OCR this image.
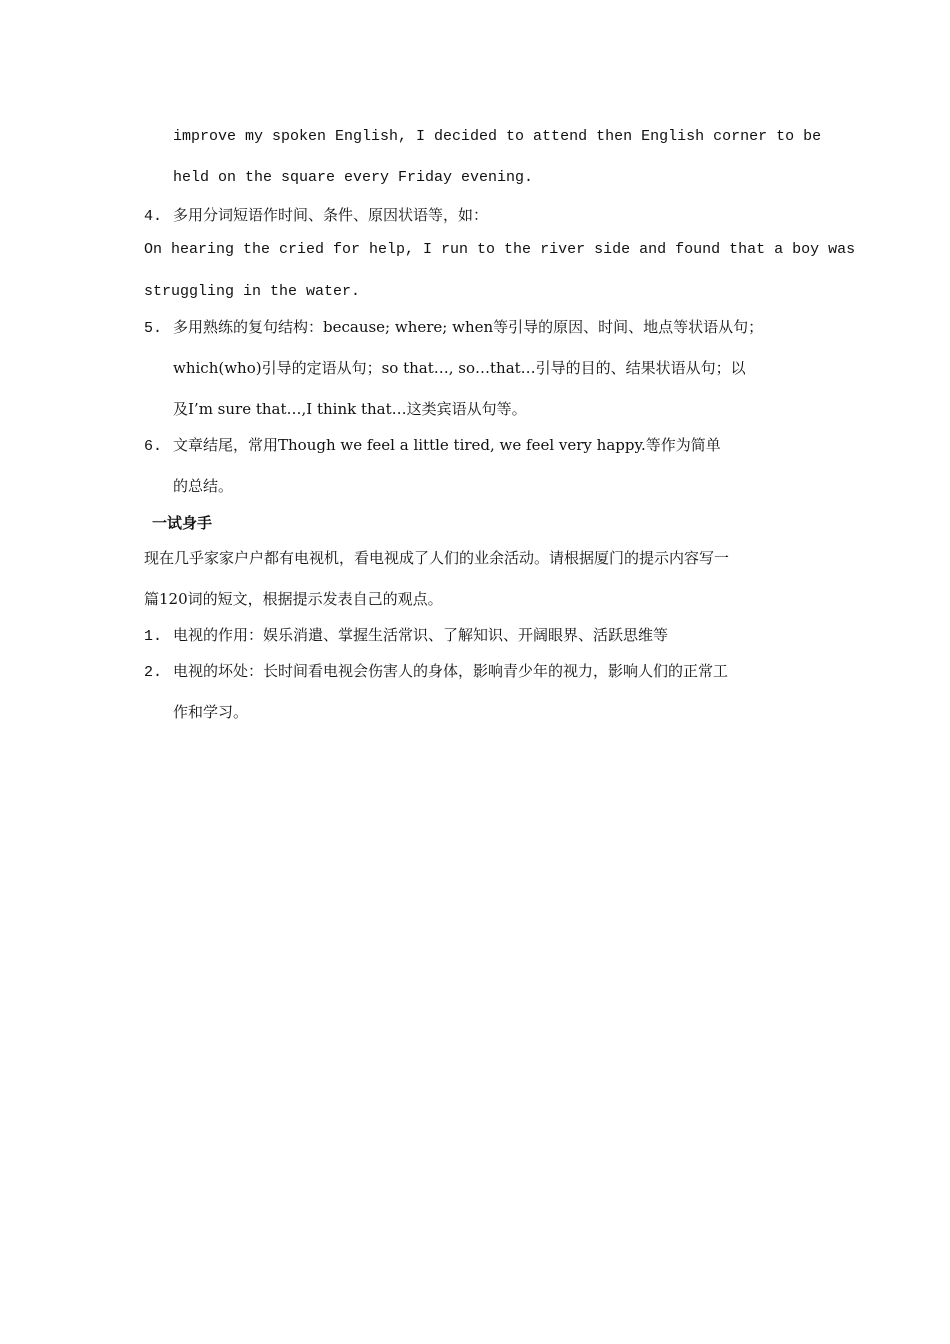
improve my spoken English, I decided to attend then English corner to be
held on the square every Friday evening.
4. 多用分词短语作时间、条件、原因状语等，如：
On hearing the cried for help, I run to the river side and found that a boy was
struggling in the water.
5. 多用熟练的复句结构：because; where; when等引导的原因、时间、地点等状语从句；
which(who)引导的定语从句；so that…, so…that…引导的目的、结果状语从句；以
及I’m sure that…,I think that…这类宾语从句等。
6. 文章结尾，常用Though we feel a little tired, we feel very happy.等作为简单
的总结。
一试身手
现在几乎家家户户都有电视机，看电视成了人们的业余活动。请根据厦门的提示内容写一
篇120词的短文，根据提示发表自己的观点。
1. 电视的作用：娱乐消遣、掌握生活常识、了解知识、开阔眼界、活跃思维等
2. 电视的坏处：长时间看电视会伤害人的身体，影响青少年的视力，影响人们的正常工
作和学习。
